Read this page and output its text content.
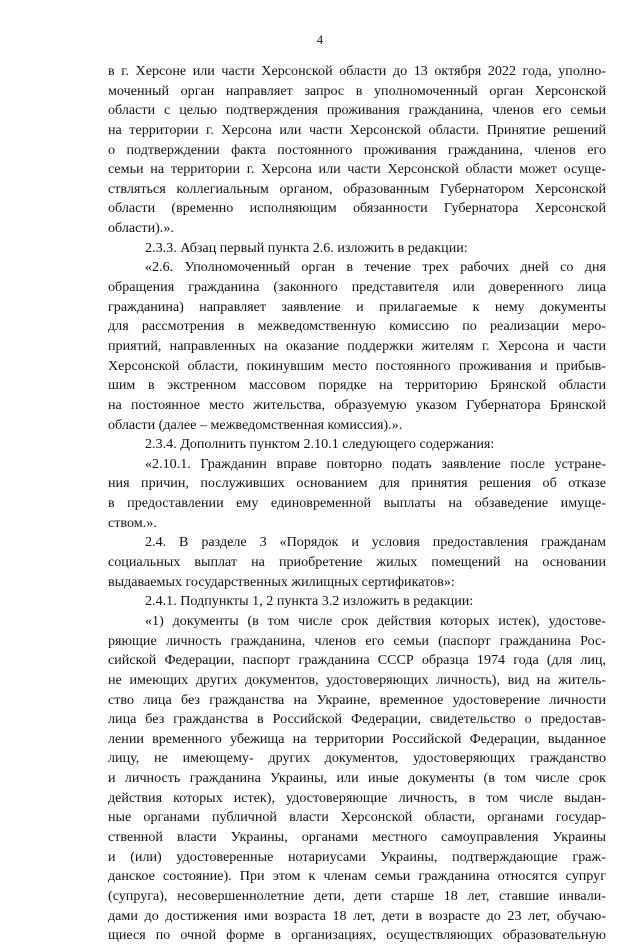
4
в г. Херсоне или части Херсонской области до 13 октября 2022 года, уполно-
моченный орган направляет запрос в уполномоченный орган Херсонской
области с целью подтверждения проживания гражданина, членов его семьи
на территории г. Херсона или части Херсонской области. Принятие решений
о подтверждении факта постоянного проживания гражданина, членов его
семьи на территории г. Херсона или части Херсонской области может осуще-
ствляться коллегиальным органом, образованным Губернатором Херсонской
области (временно исполняющим обязанности Губернатора Херсонской
области).».
2.3.3. Абзац первый пункта 2.6. изложить в редакции:
«2.6. Уполномоченный орган в течение трех рабочих дней со дня
обращения гражданина (законного представителя или доверенного лица
гражданина) направляет заявление и прилагаемые к нему документы
для рассмотрения в межведомственную комиссию по реализации меро-
приятий, направленных на оказание поддержки жителям г. Херсона и части
Херсонской области, покинувшим место постоянного проживания и прибыв-
шим в экстренном массовом порядке на территорию Брянской области
на постоянное место жительства, образуемую указом Губернатора Брянской
области (далее – межведомственная комиссия).».
2.3.4. Дополнить пунктом 2.10.1 следующего содержания:
«2.10.1. Гражданин вправе повторно подать заявление после устране-
ния причин, послуживших основанием для принятия решения об отказе
в предоставлении ему единовременной выплаты на обзаведение имуще-
ством.».
2.4. В разделе 3 «Порядок и условия предоставления гражданам
социальных выплат на приобретение жилых помещений на основании
выдаваемых государственных жилищных сертификатов»:
2.4.1. Подпункты 1, 2 пункта 3.2 изложить в редакции:
«1) документы (в том числе срок действия которых истек), удостове-
ряющие личность гражданина, членов его семьи (паспорт гражданина Рос-
сийской Федерации, паспорт гражданина СССР образца 1974 года (для лиц,
не имеющих других документов, удостоверяющих личность), вид на житель-
ство лица без гражданства на Украине, временное удостоверение личности
лица без гражданства в Российской Федерации, свидетельство о предостав-
лении временного убежища на территории Российской Федерации, выданное
лицу, не имеющему- других документов, удостоверяющих гражданство
и личность гражданина Украины, или иные документы (в том числе срок
действия которых истек), удостоверяющие личность, в том числе выдан-
ные органами публичной власти Херсонской области, органами государ-
ственной власти Украины, органами местного самоуправления Украины
и (или) удостоверенные нотариусами Украины, подтверждающие граж-
данское состояние). При этом к членам семьи гражданина относятся супруг
(супруга), несовершеннолетние дети, дети старше 18 лет, ставшие инвали-
дами до достижения ими возраста 18 лет, дети в возрасте до 23 лет, обучаю-
щиеся по очной форме в организациях, осуществляющих образовательную
